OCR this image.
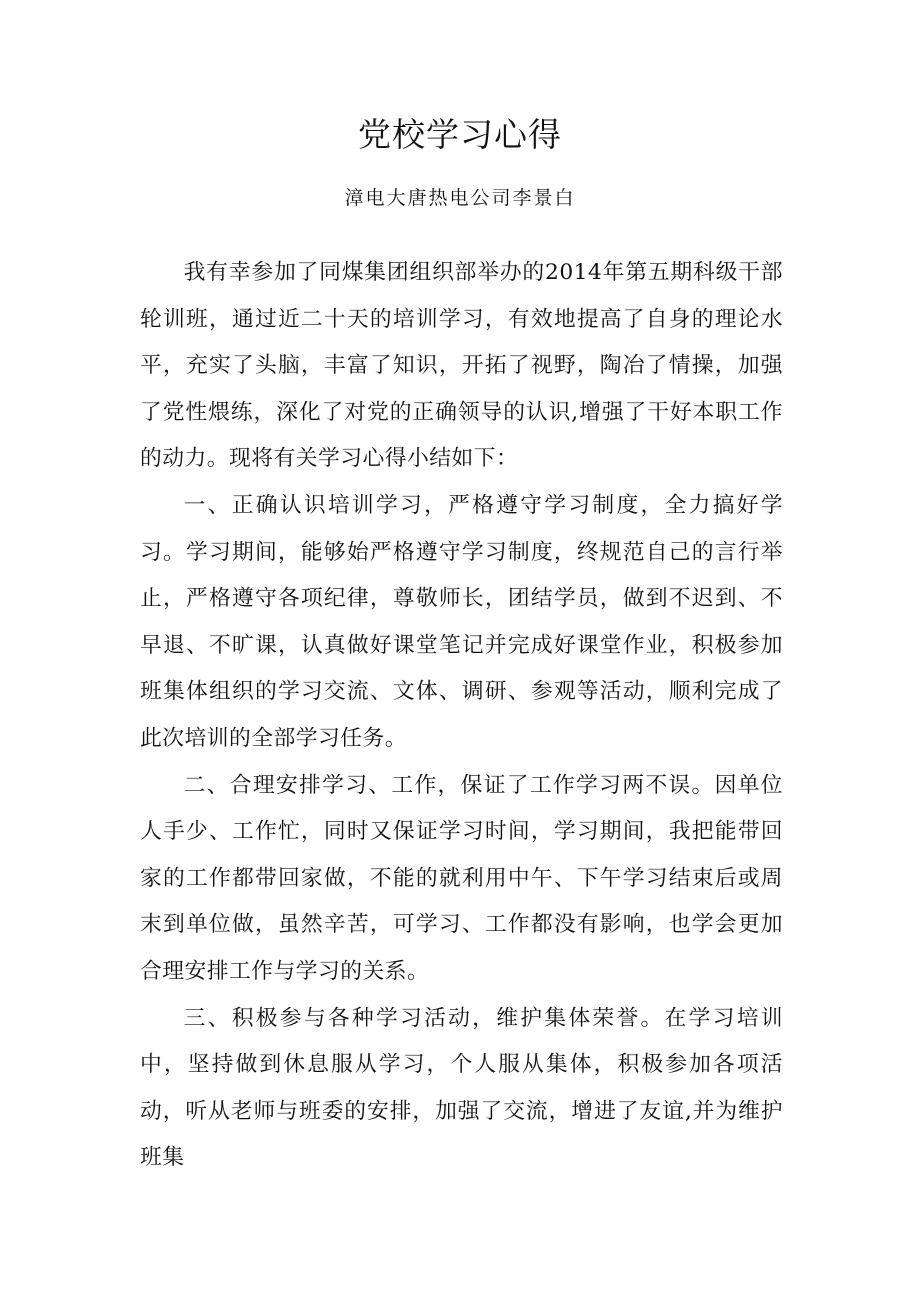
党校学习心得

漳电大唐热电公司李景白

我有幸参加了同煤集团组织部举办的2014年第五期科级干部轮训班，通过近二十天的培训学习，有效地提高了自身的理论水平，充实了头脑，丰富了知识，开拓了视野，陶冶了情操，加强了党性煨练，深化了对党的正确领导的认识,增强了干好本职工作的动力。现将有关学习心得小结如下：

一、正确认识培训学习，严格遵守学习制度，全力搞好学习。学习期间，能够始严格遵守学习制度，终规范自己的言行举止，严格遵守各项纪律，尊敬师长，团结学员，做到不迟到、不早退、不旷课，认真做好课堂笔记并完成好课堂作业，积极参加班集体组织的学习交流、文体、调研、参观等活动，顺利完成了此次培训的全部学习任务。

二、合理安排学习、工作，保证了工作学习两不误。因单位人手少、工作忙，同时又保证学习时间，学习期间，我把能带回家的工作都带回家做，不能的就利用中午、下午学习结束后或周末到单位做，虽然辛苦，可学习、工作都没有影响，也学会更加合理安排工作与学习的关系。

三、积极参与各种学习活动，维护集体荣誉。在学习培训中，坚持做到休息服从学习，个人服从集体，积极参加各项活动，听从老师与班委的安排，加强了交流，增进了友谊,并为维护班集
